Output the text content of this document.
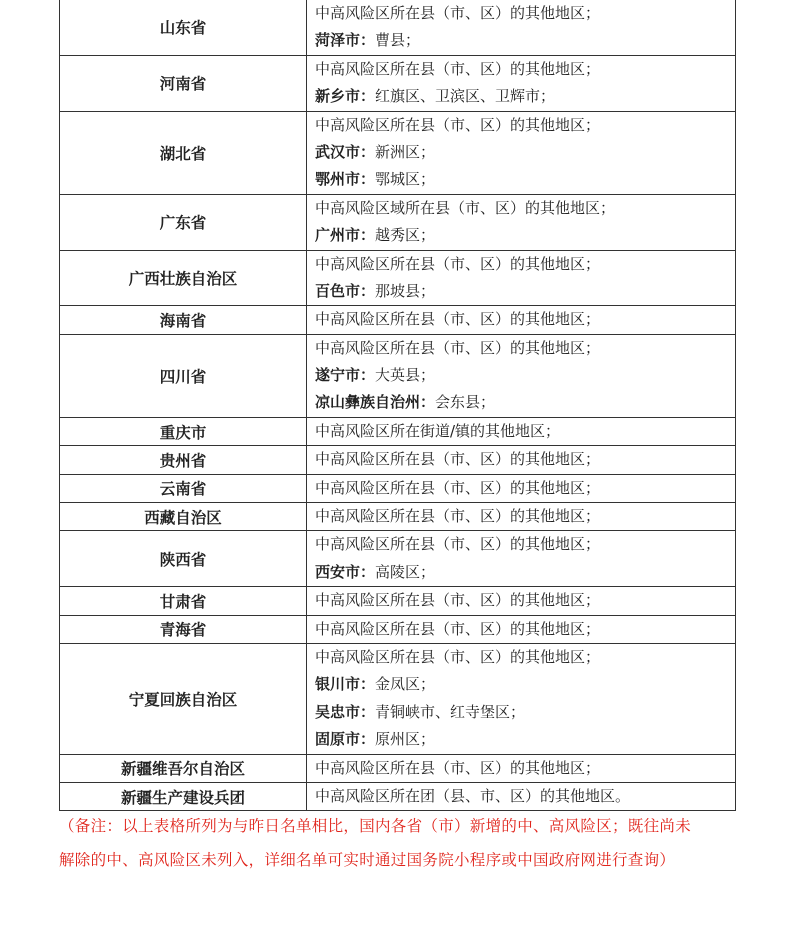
山东省	中高风险区所在县（市、区）的其他地区；
菏泽市：曹县；

河南省	中高风险区所在县（市、区）的其他地区；
新乡市：红旗区、卫滨区、卫辉市；

湖北省	中高风险区所在县（市、区）的其他地区；
武汉市：新洲区；
鄂州市：鄂城区；

广东省	中高风险区域所在县（市、区）的其他地区；
广州市：越秀区；

广西壮族自治区	中高风险区所在县（市、区）的其他地区；
百色市：那坡县；

海南省	中高风险区所在县（市、区）的其他地区；

四川省	中高风险区所在县（市、区）的其他地区；
遂宁市：大英县；
凉山彝族自治州：会东县；

重庆市	中高风险区所在街道/镇的其他地区；

贵州省	中高风险区所在县（市、区）的其他地区；

云南省	中高风险区所在县（市、区）的其他地区；

西藏自治区	中高风险区所在县（市、区）的其他地区；

陕西省	中高风险区所在县（市、区）的其他地区；
西安市：高陵区；

甘肃省	中高风险区所在县（市、区）的其他地区；

青海省	中高风险区所在县（市、区）的其他地区；

宁夏回族自治区	中高风险区所在县（市、区）的其他地区；
银川市：金凤区；
吴忠市：青铜峡市、红寺堡区；
固原市：原州区；

新疆维吾尔自治区	中高风险区所在县（市、区）的其他地区；

新疆生产建设兵团	中高风险区所在团（县、市、区）的其他地区。
（备注：以上表格所列为与昨日名单相比，国内各省（市）新增的中、高风险区；既往尚未
解除的中、高风险区未列入，详细名单可实时通过国务院小程序或中国政府网进行查询）
